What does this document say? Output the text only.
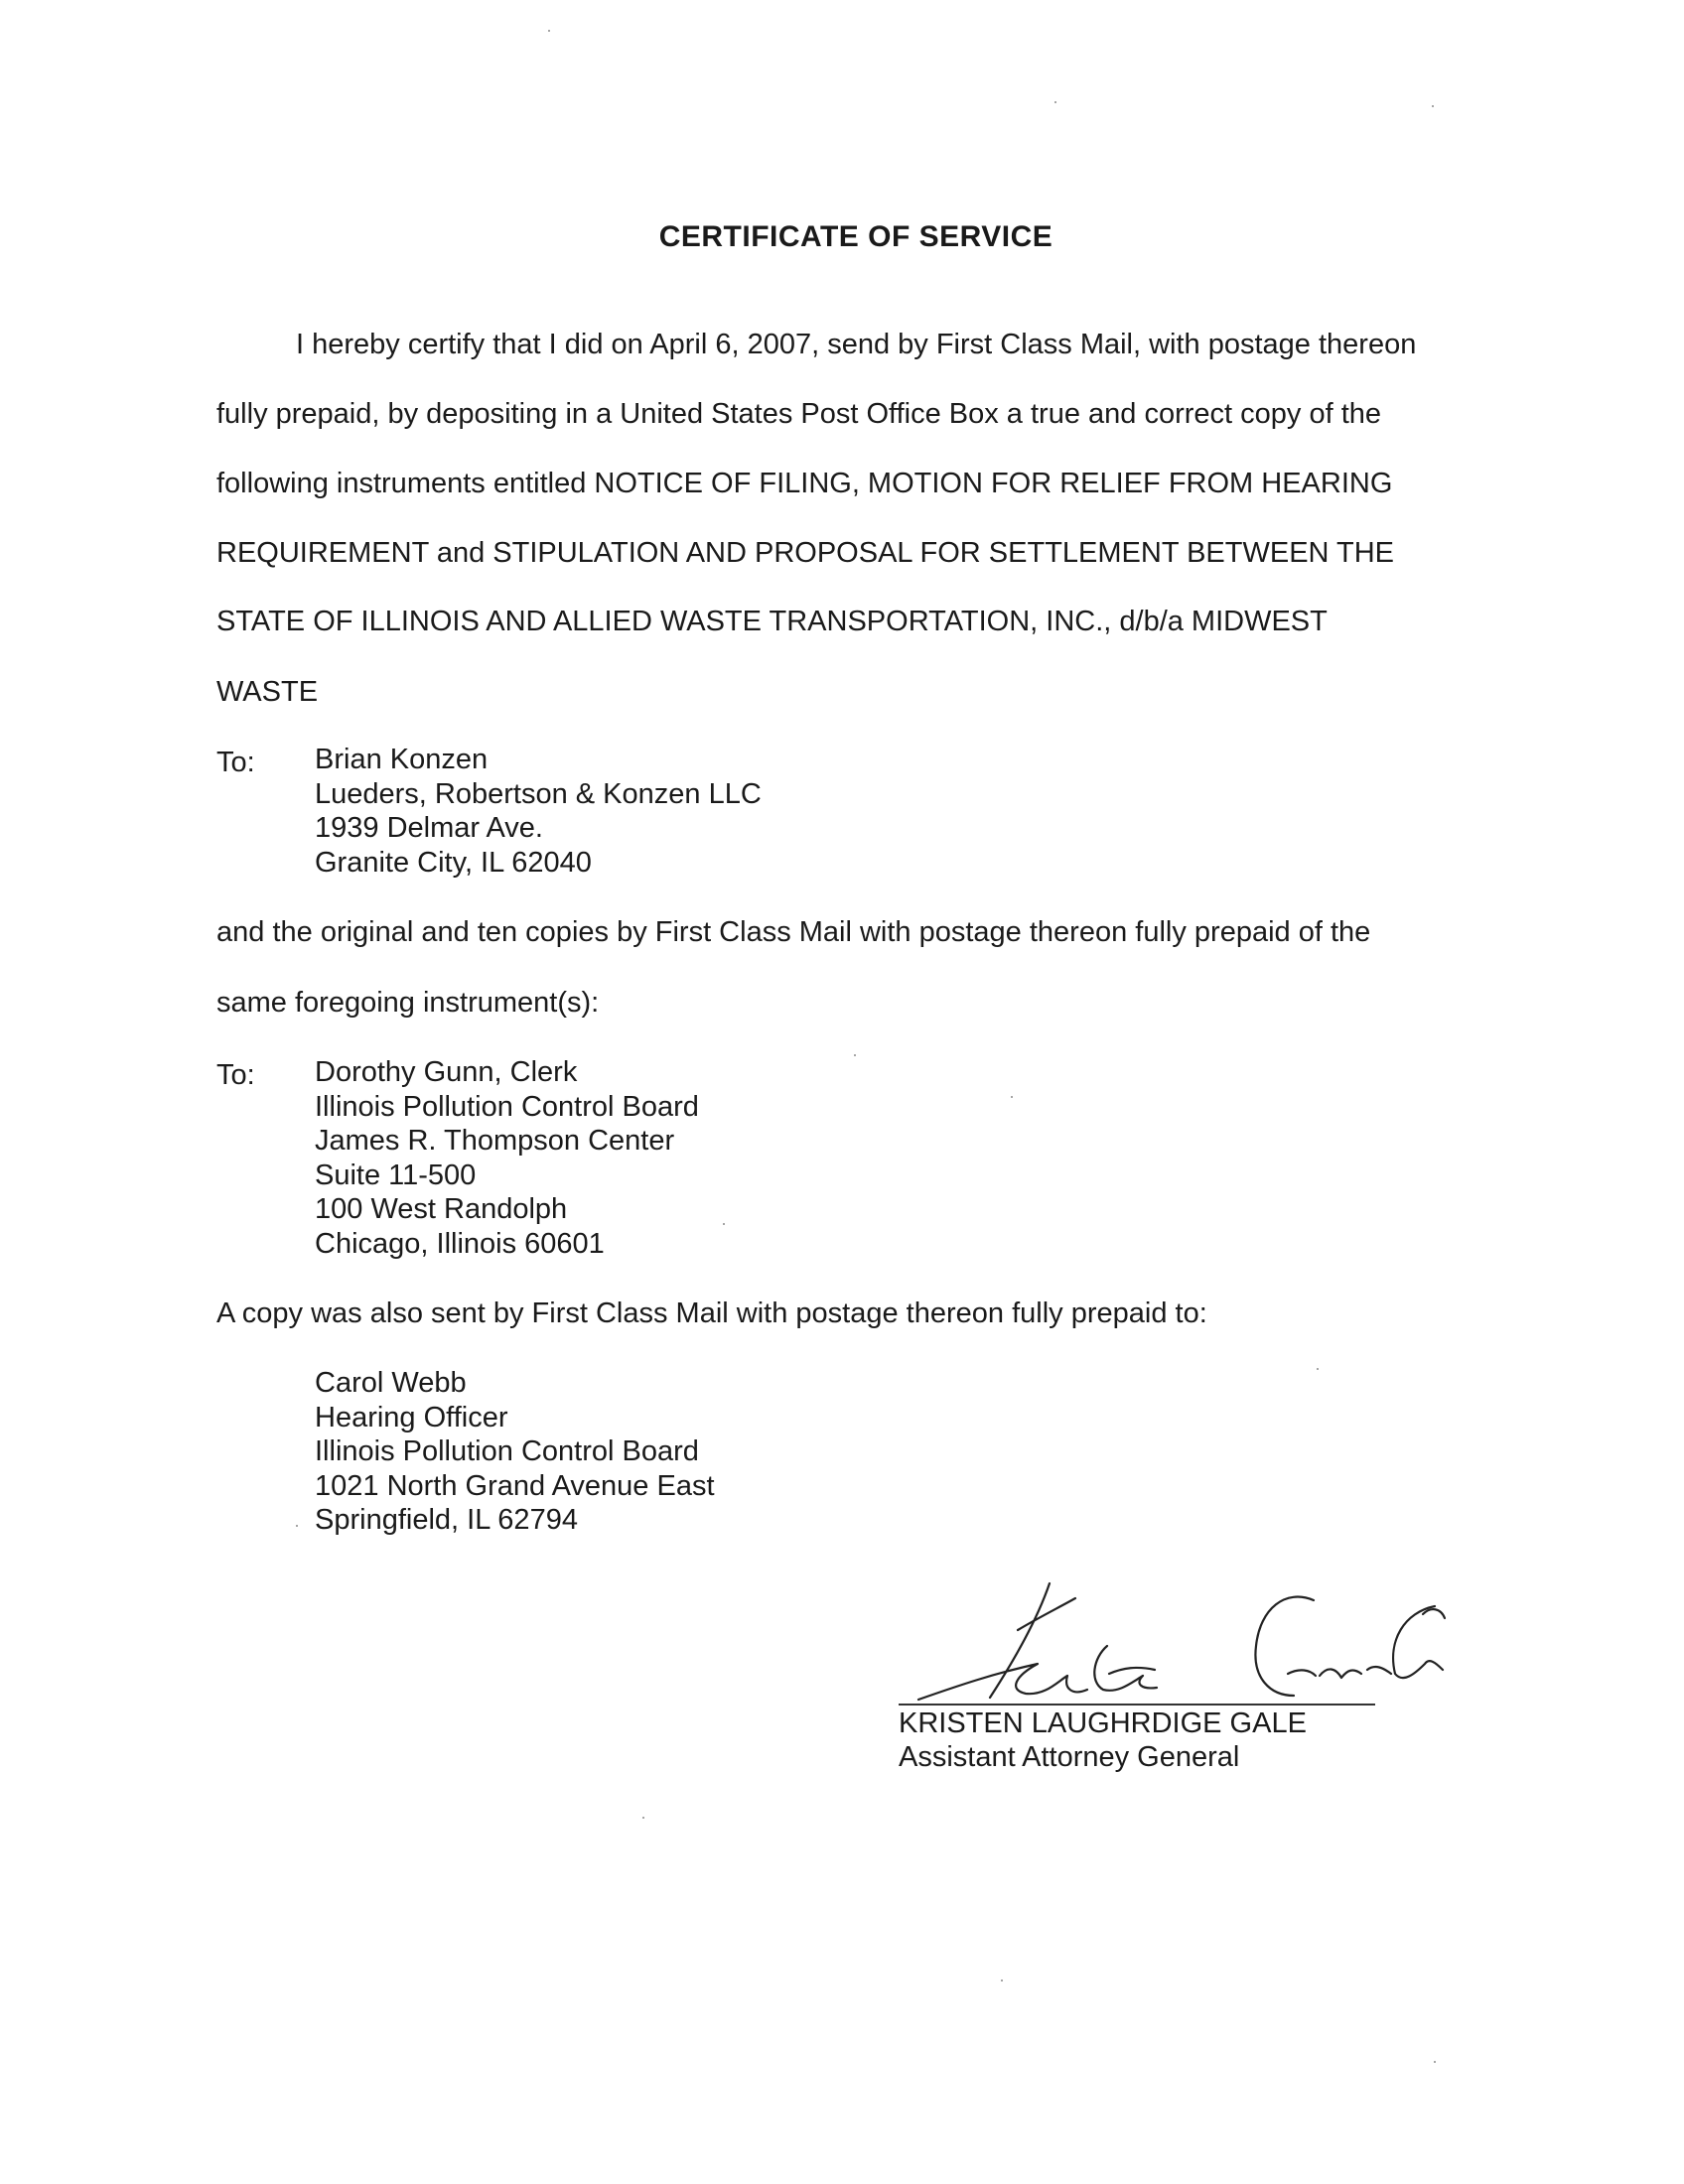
CERTIFICATE OF SERVICE
I hereby certify that I did on April 6, 2007, send by First Class Mail, with postage thereon
fully prepaid, by depositing in a United States Post Office Box a true and correct copy of the
following instruments entitled NOTICE OF FILING, MOTION FOR RELIEF FROM HEARING
REQUIREMENT and STIPULATION AND PROPOSAL FOR SETTLEMENT BETWEEN THE
STATE OF ILLINOIS AND ALLIED WASTE TRANSPORTATION, INC., d/b/a MIDWEST
WASTE
To: Brian Konzen
Lueders, Robertson & Konzen LLC
1939 Delmar Ave.
Granite City, IL 62040
and the original and ten copies by First Class Mail with postage thereon fully prepaid of the
same foregoing instrument(s):
To: Dorothy Gunn, Clerk
Illinois Pollution Control Board
James R. Thompson Center
Suite 11-500
100 West Randolph
Chicago, Illinois 60601
A copy was also sent by First Class Mail with postage thereon fully prepaid to:
Carol Webb
Hearing Officer
Illinois Pollution Control Board
1021 North Grand Avenue East
Springfield, IL 62794
KRISTEN LAUGHRDIGE GALE
Assistant Attorney General
